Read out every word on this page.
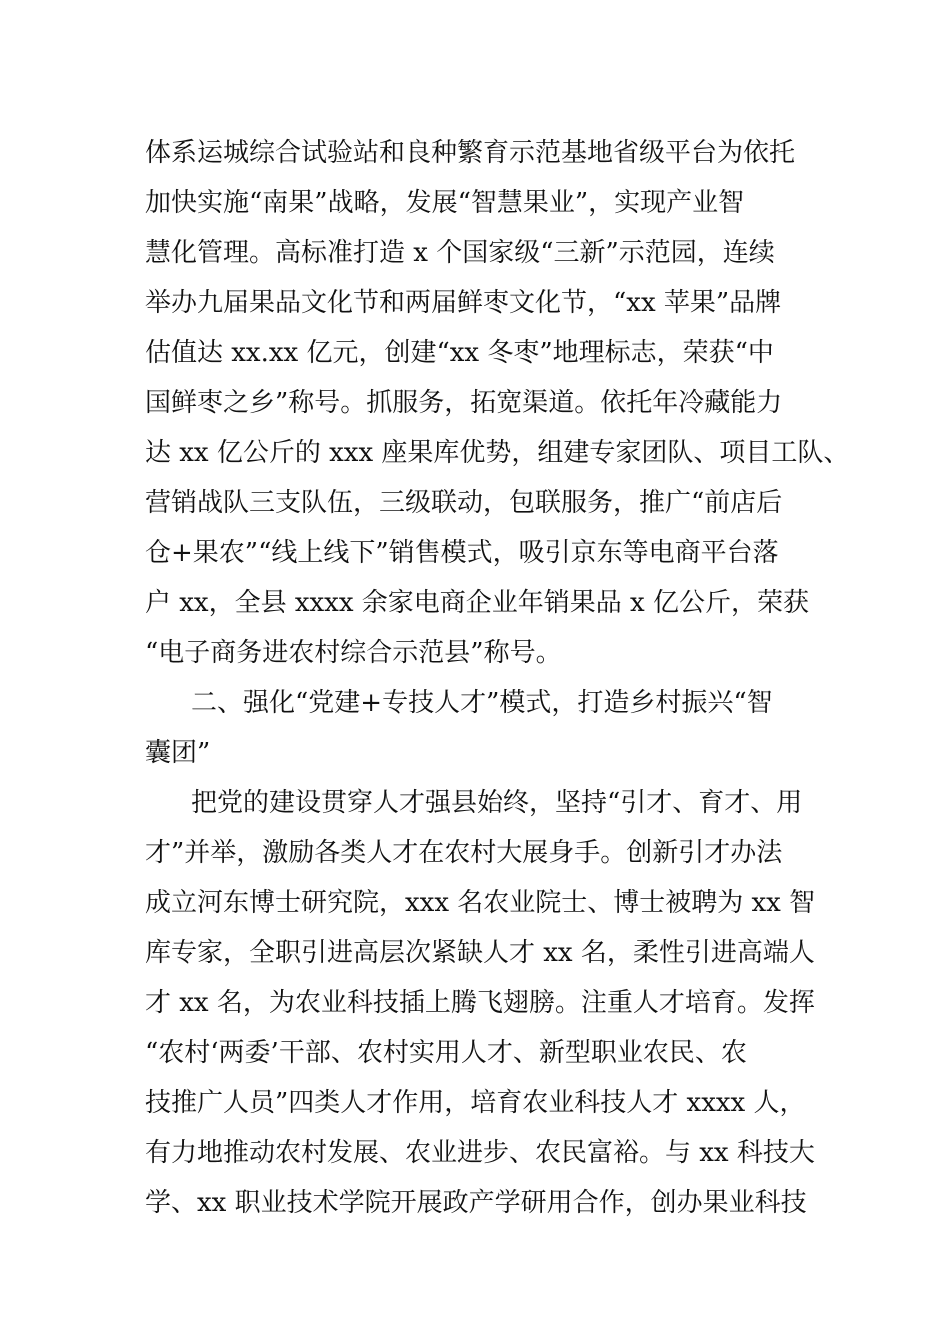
体系运城综合试验站和良种繁育示范基地省级平台为依托
加快实施“南果”战略，发展“智慧果业”，实现产业智
慧化管理。高标准打造 x 个国家级“三新”示范园，连续
举办九届果品文化节和两届鲜枣文化节，“xx 苹果”品牌
估值达 xx.xx 亿元，创建“xx 冬枣”地理标志，荣获“中
国鲜枣之乡”称号。抓服务，拓宽渠道。依托年冷藏能力
达 xx 亿公斤的 xxx 座果库优势，组建专家团队、项目工队、
营销战队三支队伍，三级联动，包联服务，推广“前店后
仓+果农”“线上线下”销售模式，吸引京东等电商平台落
户 xx，全县 xxxx 余家电商企业年销果品 x 亿公斤，荣获
“电子商务进农村综合示范县”称号。
二、强化“党建+专技人才”模式，打造乡村振兴“智
囊团”
把党的建设贯穿人才强县始终，坚持“引才、育才、用
才”并举，激励各类人才在农村大展身手。创新引才办法
成立河东博士研究院，xxx 名农业院士、博士被聘为 xx 智
库专家，全职引进高层次紧缺人才 xx 名，柔性引进高端人
才 xx 名，为农业科技插上腾飞翅膀。注重人才培育。发挥
“农村‘两委’干部、农村实用人才、新型职业农民、农
技推广人员”四类人才作用，培育农业科技人才 xxxx 人，
有力地推动农村发展、农业进步、农民富裕。与 xx 科技大
学、xx 职业技术学院开展政产学研用合作，创办果业科技
